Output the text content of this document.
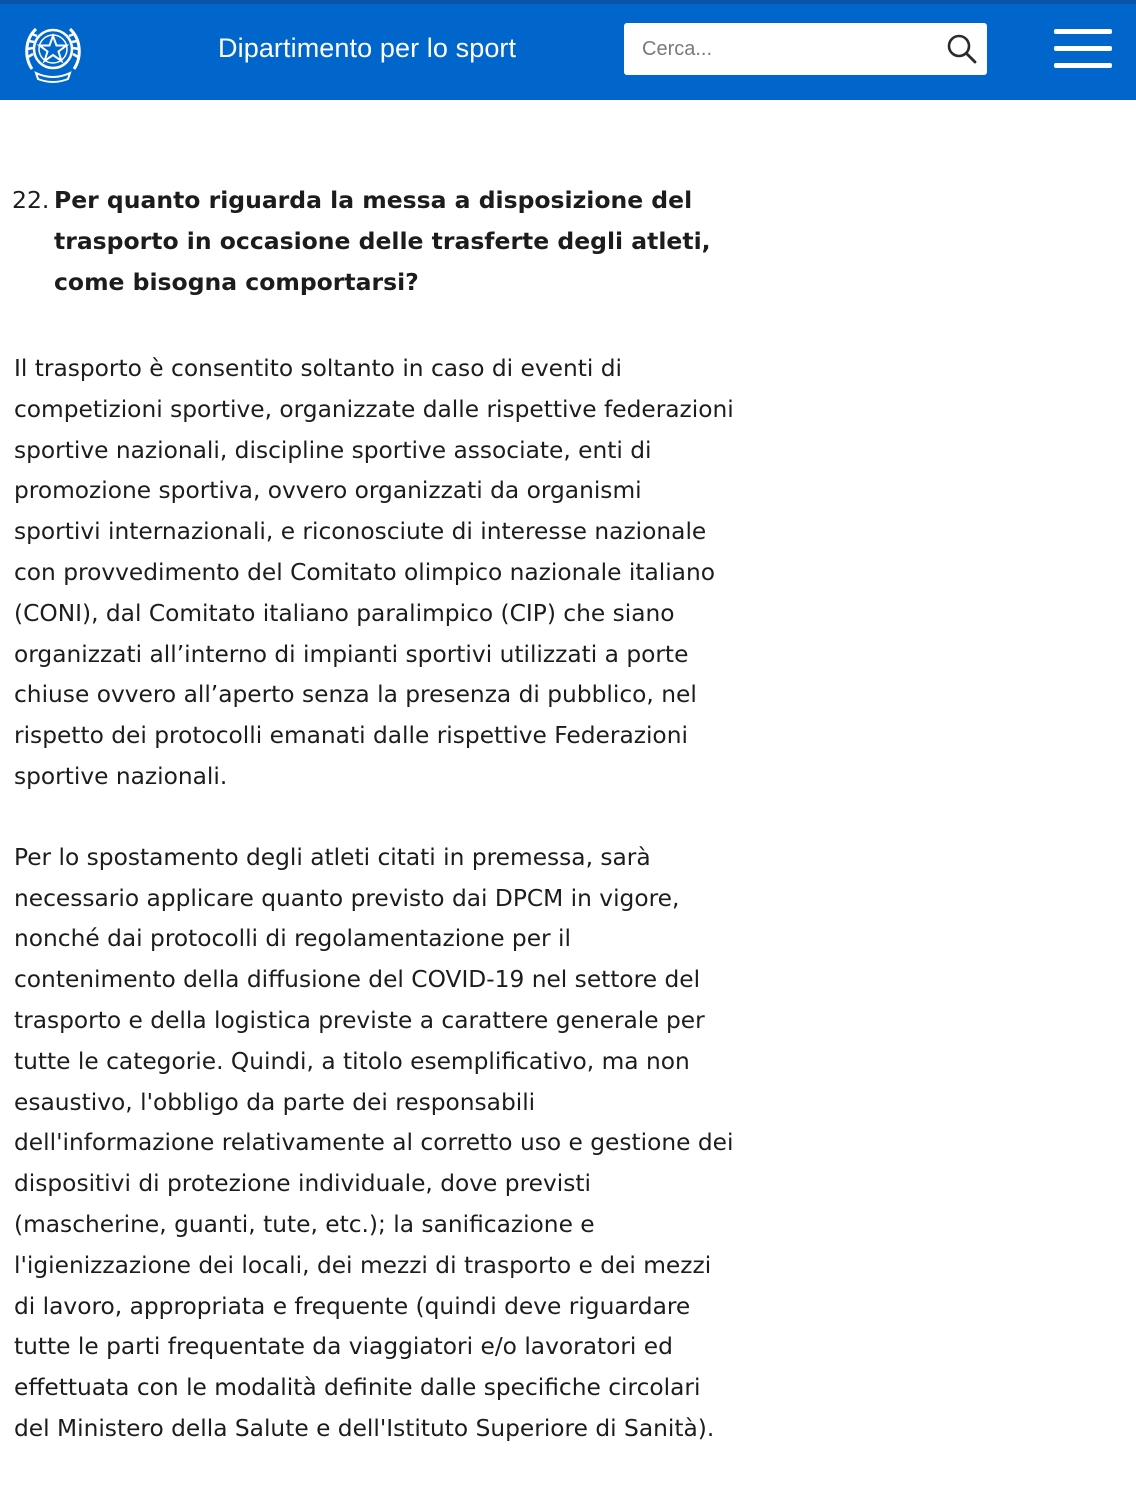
Dipartimento per lo sport
Cerca...
22. Per quanto riguarda la messa a disposizione del trasporto in occasione delle trasferte degli atleti, come bisogna comportarsi?

Il trasporto è consentito soltanto in caso di eventi di competizioni sportive, organizzate dalle rispettive federazioni sportive nazionali, discipline sportive associate, enti di promozione sportiva, ovvero organizzati da organismi sportivi internazionali, e riconosciute di interesse nazionale con provvedimento del Comitato olimpico nazionale italiano (CONI), dal Comitato italiano paralimpico (CIP) che siano organizzati all’interno di impianti sportivi utilizzati a porte chiuse ovvero all’aperto senza la presenza di pubblico, nel rispetto dei protocolli emanati dalle rispettive Federazioni sportive nazionali.

Per lo spostamento degli atleti citati in premessa, sarà necessario applicare quanto previsto dai DPCM in vigore, nonché dai protocolli di regolamentazione per il contenimento della diffusione del COVID-19 nel settore del trasporto e della logistica previste a carattere generale per tutte le categorie. Quindi, a titolo esemplificativo, ma non esaustivo, l'obbligo da parte dei responsabili dell'informazione relativamente al corretto uso e gestione dei dispositivi di protezione individuale, dove previsti (mascherine, guanti, tute, etc.); la sanificazione e l'igienizzazione dei locali, dei mezzi di trasporto e dei mezzi di lavoro, appropriata e frequente (quindi deve riguardare tutte le parti frequentate da viaggiatori e/o lavoratori ed effettuata con le modalità definite dalle specifiche circolari del Ministero della Salute e dell'Istituto Superiore di Sanità).
